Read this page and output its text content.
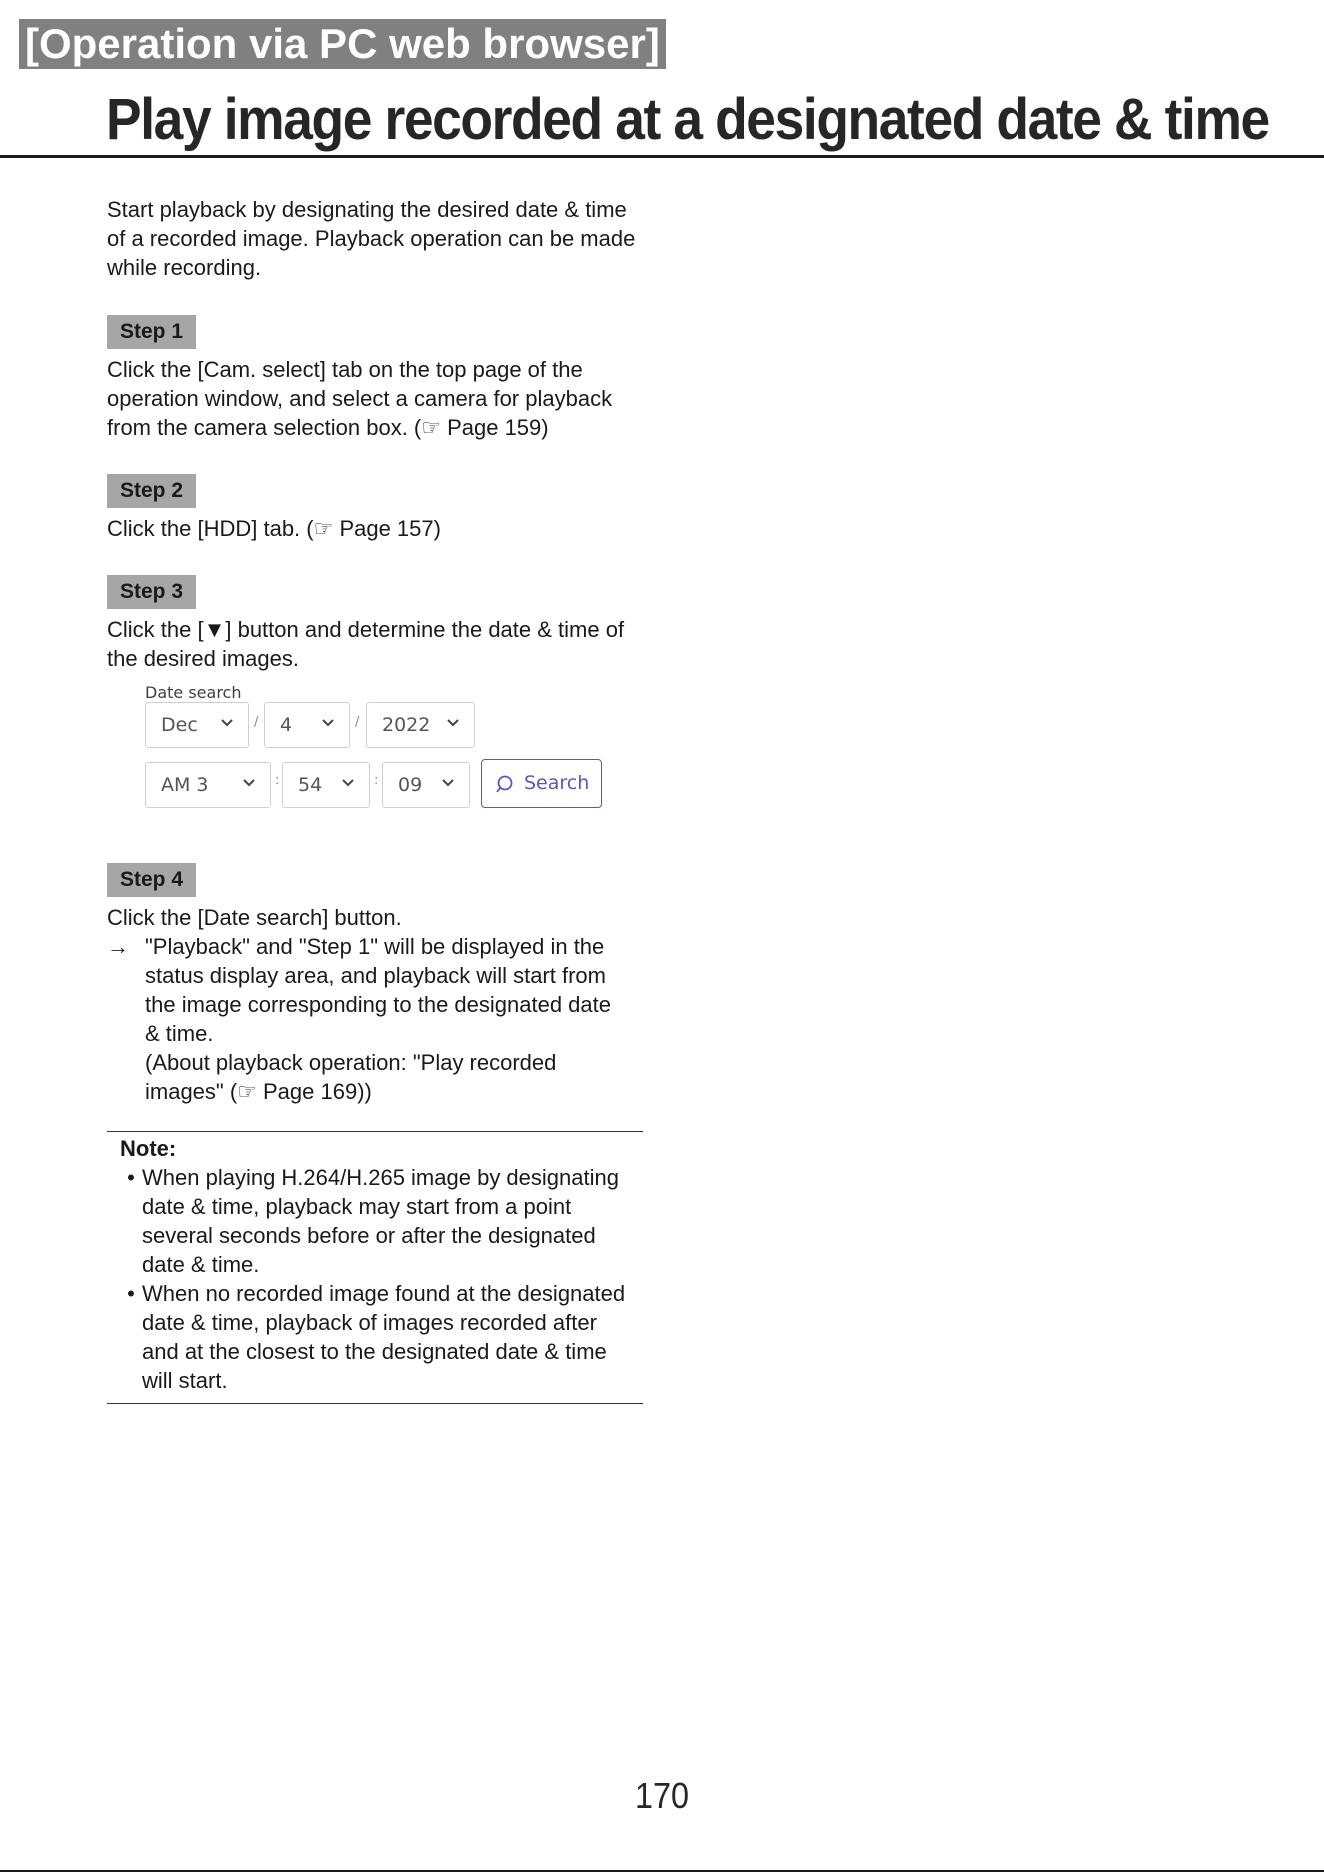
[Operation via PC web browser]
Play image recorded at a designated date & time

Start playback by designating the desired date & time of a recorded image. Playback operation can be made while recording.

Step 1
Click the [Cam. select] tab on the top page of the
operation window, and select a camera for playback
from the camera selection box. (☞ Page 159)
Step 2
Click the [HDD] tab. (☞ Page 157)
Step 3
Click the [▼] button and determine the date & time of
the desired images.
Date search
Dec	/ 4	/ 2022
AM 3	: 54	: 09	Search
Step 4
Click the [Date search] button.
→ "Playback" and "Step 1" will be displayed in the
status display area, and playback will start from
the image corresponding to the designated date
& time.
(About playback operation: "Play recorded
images" (☞ Page 169))
Note:
• When playing H.264/H.265 image by designating
date & time, playback may start from a point
several seconds before or after the designated
date & time.
• When no recorded image found at the designated
date & time, playback of images recorded after
and at the closest to the designated date & time
will start.
170
